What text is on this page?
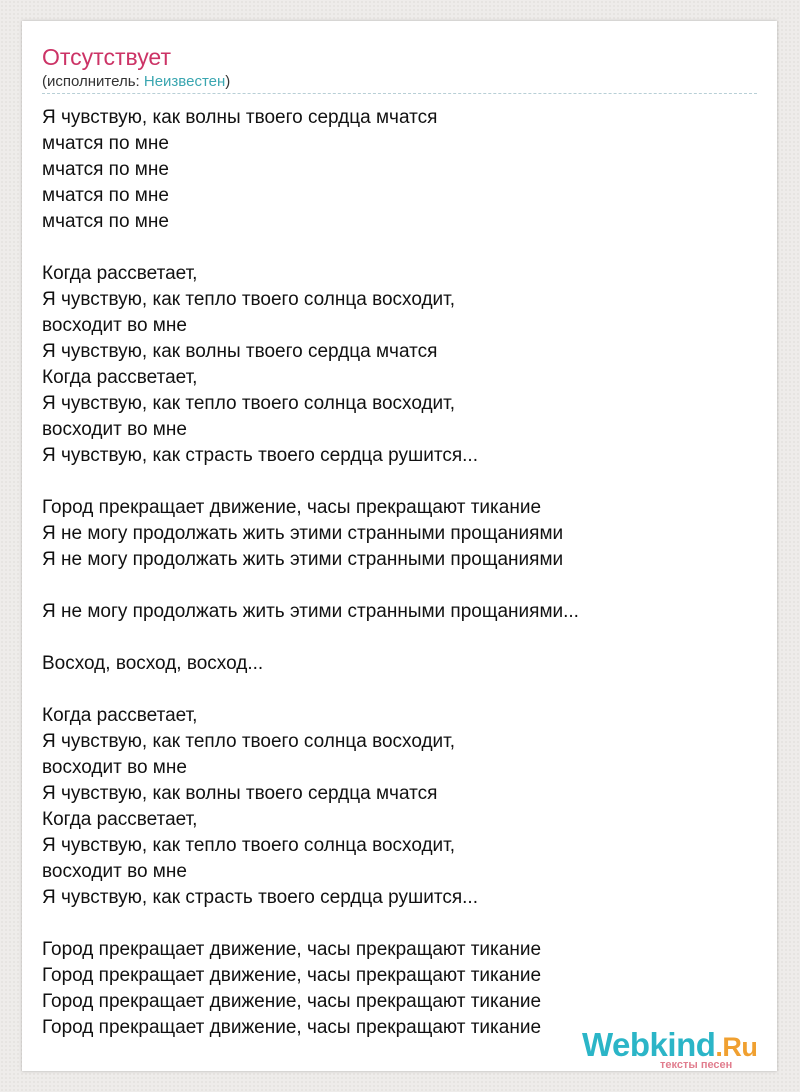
Отсутствует
(исполнитель: Неизвестен)
Я чувствую, как волны твоего сердца мчатся
мчатся по мне
мчатся по мне
мчатся по мне
мчатся по мне
Когда рассветает,
Я чувствую, как тепло твоего солнца восходит,
восходит во мне
Я чувствую, как волны твоего сердца мчатся
Когда рассветает,
Я чувствую, как тепло твоего солнца восходит,
восходит во мне
Я чувствую, как страсть твоего сердца рушится...
Город прекращает движение, часы прекращают тикание
Я не могу продолжать жить этими странными прощаниями
Я не могу продолжать жить этими странными прощаниями
Я не могу продолжать жить этими странными прощаниями...
Восход, восход, восход...
Когда рассветает,
Я чувствую, как тепло твоего солнца восходит,
восходит во мне
Я чувствую, как волны твоего сердца мчатся
Когда рассветает,
Я чувствую, как тепло твоего солнца восходит,
восходит во мне
Я чувствую, как страсть твоего сердца рушится...
Город прекращает движение, часы прекращают тикание
Город прекращает движение, часы прекращают тикание
Город прекращает движение, часы прекращают тикание
Город прекращает движение, часы прекращают тикание	Webkind.Ru
тексты песен
